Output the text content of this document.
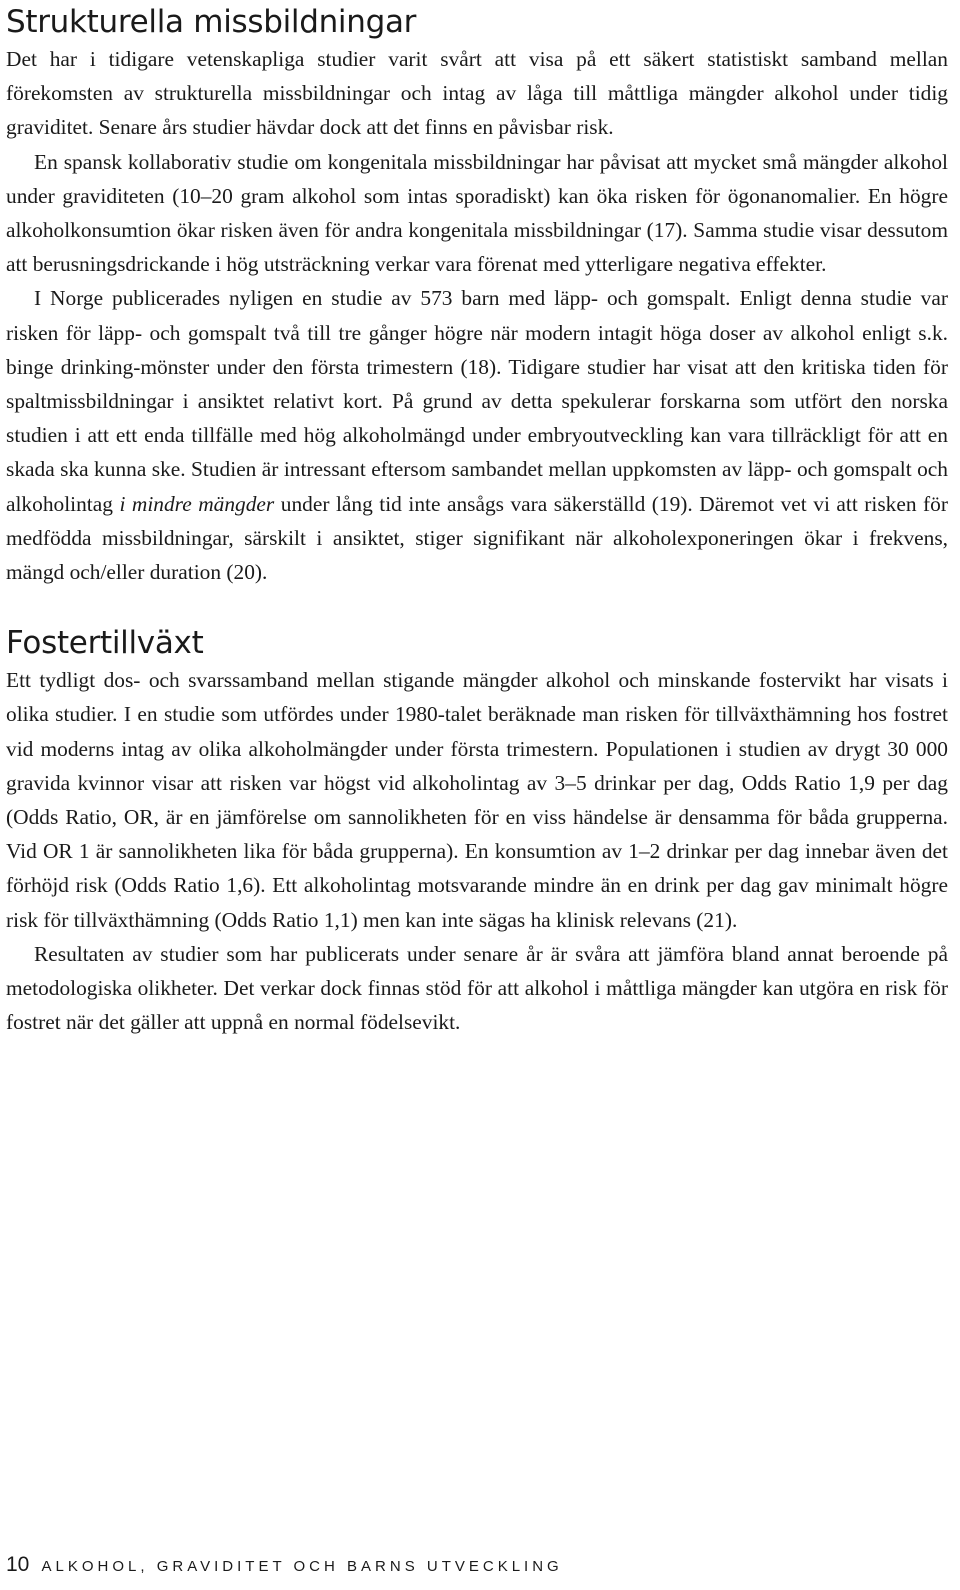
Strukturella missbildningar

Det har i tidigare vetenskapliga studier varit svårt att visa på ett säkert statistiskt samband mellan förekomsten av strukturella missbildningar och intag av låga till måttliga mängder alkohol under tidig graviditet. Senare års studier hävdar dock att det finns en påvisbar risk.

En spansk kollaborativ studie om kongenitala missbildningar har påvisat att mycket små mängder alkohol under graviditeten (10–20 gram alkohol som intas sporadiskt) kan öka risken för ögonanomalier. En högre alkoholkonsumtion ökar risken även för andra kongenitala missbildningar (17). Samma studie visar dessutom att berusningsdrickande i hög utsträckning verkar vara förenat med ytterligare negativa effekter.

I Norge publicerades nyligen en studie av 573 barn med läpp- och gomspalt. Enligt denna studie var risken för läpp- och gomspalt två till tre gånger högre när modern intagit höga doser av alkohol enligt s.k. binge drinking-mönster under den första trimestern (18). Tidigare studier har visat att den kritiska tiden för spaltmissbildningar i ansiktet relativt kort. På grund av detta spekulerar forskarna som utfört den norska studien i att ett enda tillfälle med hög alkoholmängd under embryoutveckling kan vara tillräckligt för att en skada ska kunna ske. Studien är intressant eftersom sambandet mellan uppkomsten av läpp- och gomspalt och alkoholintag i mindre mängder under lång tid inte ansågs vara säkerställd (19). Däremot vet vi att risken för medfödda missbildningar, särskilt i ansiktet, stiger signifikant när alkoholexponeringen ökar i frekvens, mängd och/eller duration (20).

Fostertillväxt

Ett tydligt dos- och svarssamband mellan stigande mängder alkohol och minskande fostervikt har visats i olika studier. I en studie som utfördes under 1980-talet beräknade man risken för tillväxthämning hos fostret vid moderns intag av olika alkoholmängder under första trimestern. Populationen i studien av drygt 30 000 gravida kvinnor visar att risken var högst vid alkoholintag av 3–5 drinkar per dag, Odds Ratio 1,9 per dag (Odds Ratio, OR, är en jämförelse om sannolikheten för en viss händelse är densamma för båda grupperna. Vid OR 1 är sannolikheten lika för båda grupperna). En konsumtion av 1–2 drinkar per dag innebar även det förhöjd risk (Odds Ratio 1,6). Ett alkoholintag motsvarande mindre än en drink per dag gav minimalt högre risk för tillväxthämning (Odds Ratio 1,1) men kan inte sägas ha klinisk relevans (21).

Resultaten av studier som har publicerats under senare år är svåra att jämföra bland annat beroende på metodologiska olikheter. Det verkar dock finnas stöd för att alkohol i måttliga mängder kan utgöra en risk för fostret när det gäller att uppnå en normal födelsevikt.

10 ALKOHOL, GRAVIDITET OCH BARNS UTVECKLING
